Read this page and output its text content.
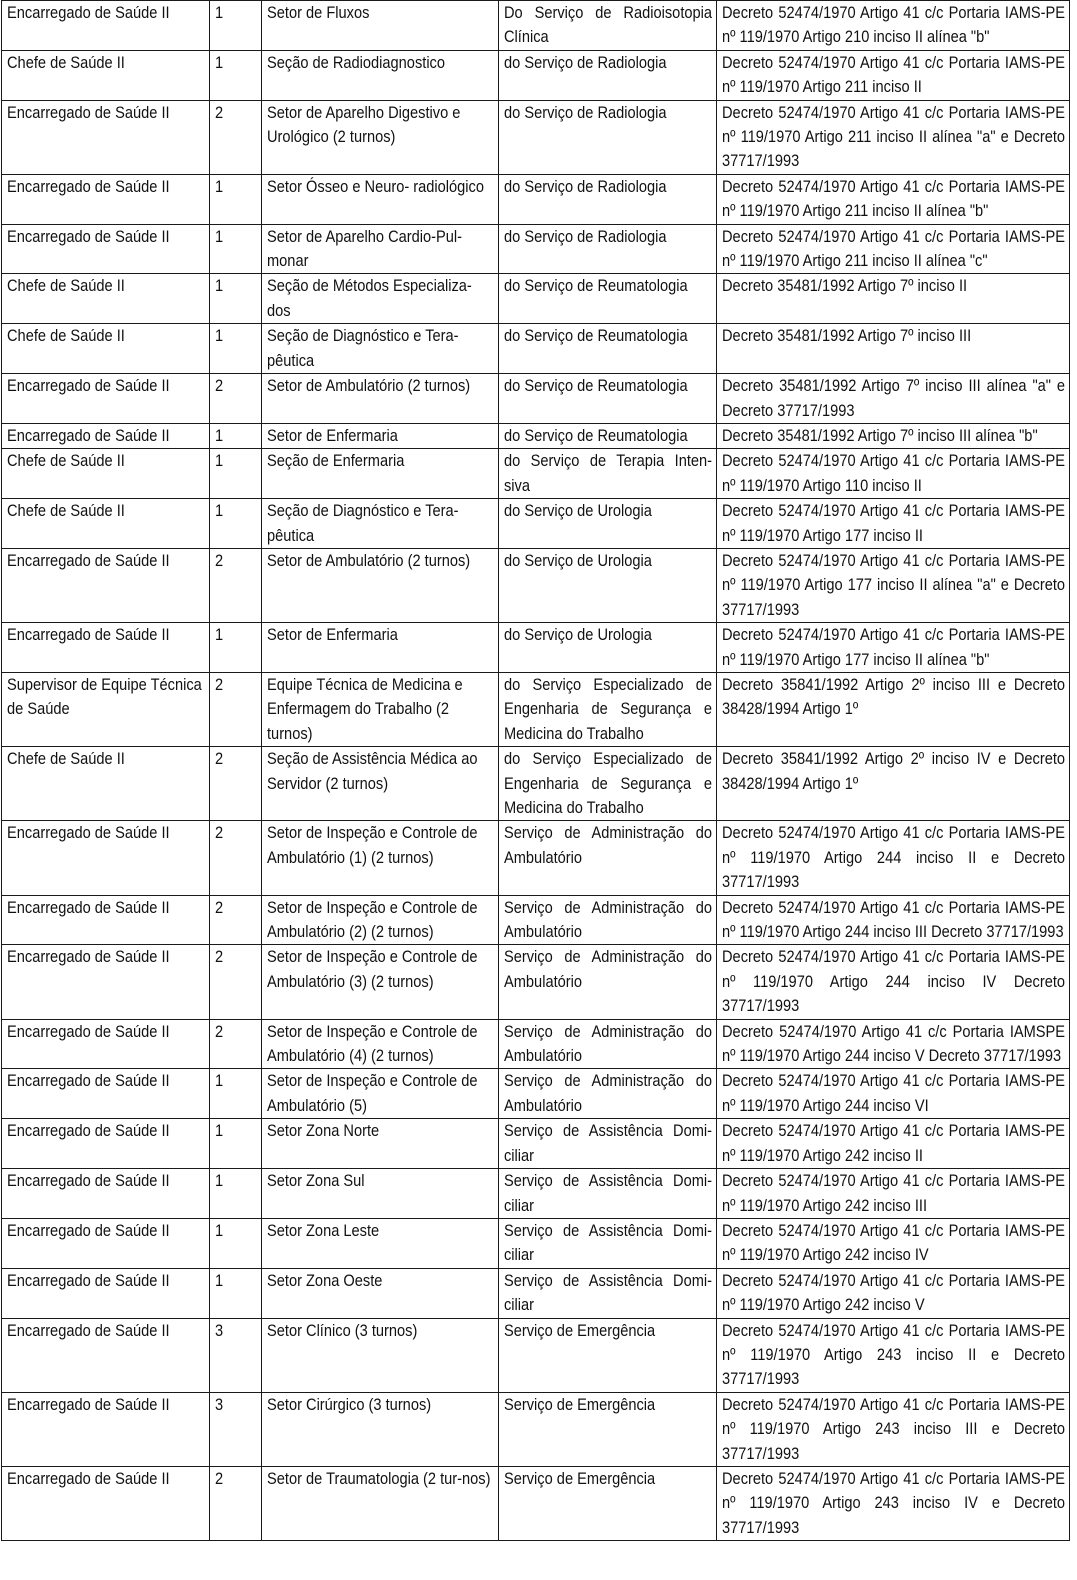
Encarregado de Saúde II	1	Setor de Fluxos	Do Serviço de Radioisotopia Clínica	Decreto 52474/1970 Artigo 41 c/c Portaria IAMS-PE nº 119/1970 Artigo 210 inciso II alínea "b"

Chefe de Saúde II	1	Seção de Radiodiagnostico	do Serviço de Radiologia	Decreto 52474/1970 Artigo 41 c/c Portaria IAMS-PE nº 119/1970 Artigo 211 inciso II

Encarregado de Saúde II	2	Setor de Aparelho Digestivo e Urológico (2 turnos)	do Serviço de Radiologia	Decreto 52474/1970 Artigo 41 c/c Portaria IAMS-PE nº 119/1970 Artigo 211 inciso II alínea "a" e Decreto 37717/1993

Encarregado de Saúde II	1	Setor Ósseo e Neuro- radiológico	do Serviço de Radiologia	Decreto 52474/1970 Artigo 41 c/c Portaria IAMS-PE nº 119/1970 Artigo 211 inciso II alínea "b"

Encarregado de Saúde II	1	Setor de Aparelho Cardio-Pul-monar	do Serviço de Radiologia	Decreto 52474/1970 Artigo 41 c/c Portaria IAMS-PE nº 119/1970 Artigo 211 inciso II alínea "c"

Chefe de Saúde II	1	Seção de Métodos Especializa-dos	do Serviço de Reumatologia	Decreto 35481/1992 Artigo 7º inciso II

Chefe de Saúde II	1	Seção de Diagnóstico e Tera-pêutica	do Serviço de Reumatologia	Decreto 35481/1992 Artigo 7º inciso III

Encarregado de Saúde II	2	Setor de Ambulatório (2 turnos)	do Serviço de Reumatologia	Decreto 35481/1992 Artigo 7º inciso III alínea "a" e Decreto 37717/1993

Encarregado de Saúde II	1	Setor de Enfermaria	do Serviço de Reumatologia	Decreto 35481/1992 Artigo 7º inciso III alínea "b"

Chefe de Saúde II	1	Seção de Enfermaria	do Serviço de Terapia Inten-siva	Decreto 52474/1970 Artigo 41 c/c Portaria IAMS-PE nº 119/1970 Artigo 110 inciso II

Chefe de Saúde II	1	Seção de Diagnóstico e Tera-pêutica	do Serviço de Urologia	Decreto 52474/1970 Artigo 41 c/c Portaria IAMS-PE nº 119/1970 Artigo 177 inciso II

Encarregado de Saúde II	2	Setor de Ambulatório (2 turnos)	do Serviço de Urologia	Decreto 52474/1970 Artigo 41 c/c Portaria IAMS-PE nº 119/1970 Artigo 177 inciso II alínea "a" e Decreto 37717/1993

Encarregado de Saúde II	1	Setor de Enfermaria	do Serviço de Urologia	Decreto 52474/1970 Artigo 41 c/c Portaria IAMS-PE nº 119/1970 Artigo 177 inciso II alínea "b"

Supervisor de Equipe Técnica de Saúde	2	Equipe Técnica de Medicina e Enfermagem do Trabalho (2 turnos)	do Serviço Especializado de Engenharia de Segurança e Medicina do Trabalho	Decreto 35841/1992 Artigo 2º inciso III e Decreto 38428/1994 Artigo 1º

Chefe de Saúde II	2	Seção de Assistência Médica ao Servidor (2 turnos)	do Serviço Especializado de Engenharia de Segurança e Medicina do Trabalho	Decreto 35841/1992 Artigo 2º inciso IV e Decreto 38428/1994 Artigo 1º

Encarregado de Saúde II	2	Setor de Inspeção e Controle de Ambulatório (1) (2 turnos)	Serviço de Administração do Ambulatório	Decreto 52474/1970 Artigo 41 c/c Portaria IAMS-PE nº 119/1970 Artigo 244 inciso II e Decreto 37717/1993

Encarregado de Saúde II	2	Setor de Inspeção e Controle de Ambulatório (2) (2 turnos)	Serviço de Administração do Ambulatório	Decreto 52474/1970 Artigo 41 c/c Portaria IAMS-PE nº 119/1970 Artigo 244 inciso III Decreto 37717/1993

Encarregado de Saúde II	2	Setor de Inspeção e Controle de Ambulatório (3) (2 turnos)	Serviço de Administração do Ambulatório	Decreto 52474/1970 Artigo 41 c/c Portaria IAMS-PE nº 119/1970 Artigo 244 inciso IV Decreto 37717/1993

Encarregado de Saúde II	2	Setor de Inspeção e Controle de Ambulatório (4) (2 turnos)	Serviço de Administração do Ambulatório	Decreto 52474/1970 Artigo 41 c/c Portaria IAMSPE nº 119/1970 Artigo 244 inciso V Decreto 37717/1993

Encarregado de Saúde II	1	Setor de Inspeção e Controle de Ambulatório (5)	Serviço de Administração do Ambulatório	Decreto 52474/1970 Artigo 41 c/c Portaria IAMS-PE nº 119/1970 Artigo 244 inciso VI

Encarregado de Saúde II	1	Setor Zona Norte	Serviço de Assistência Domi-ciliar	Decreto 52474/1970 Artigo 41 c/c Portaria IAMS-PE nº 119/1970 Artigo 242 inciso II

Encarregado de Saúde II	1	Setor Zona Sul	Serviço de Assistência Domi-ciliar	Decreto 52474/1970 Artigo 41 c/c Portaria IAMS-PE nº 119/1970 Artigo 242 inciso III

Encarregado de Saúde II	1	Setor Zona Leste	Serviço de Assistência Domi-ciliar	Decreto 52474/1970 Artigo 41 c/c Portaria IAMS-PE nº 119/1970 Artigo 242 inciso IV

Encarregado de Saúde II	1	Setor Zona Oeste	Serviço de Assistência Domi-ciliar	Decreto 52474/1970 Artigo 41 c/c Portaria IAMS-PE nº 119/1970 Artigo 242 inciso V

Encarregado de Saúde II	3	Setor Clínico (3 turnos)	Serviço de Emergência	Decreto 52474/1970 Artigo 41 c/c Portaria IAMS-PE nº 119/1970 Artigo 243 inciso II e Decreto 37717/1993

Encarregado de Saúde II	3	Setor Cirúrgico (3 turnos)	Serviço de Emergência	Decreto 52474/1970 Artigo 41 c/c Portaria IAMS-PE nº 119/1970 Artigo 243 inciso III e Decreto 37717/1993

Encarregado de Saúde II	2	Setor de Traumatologia (2 tur-nos)	Serviço de Emergência	Decreto 52474/1970 Artigo 41 c/c Portaria IAMS-PE nº 119/1970 Artigo 243 inciso IV e Decreto 37717/1993
